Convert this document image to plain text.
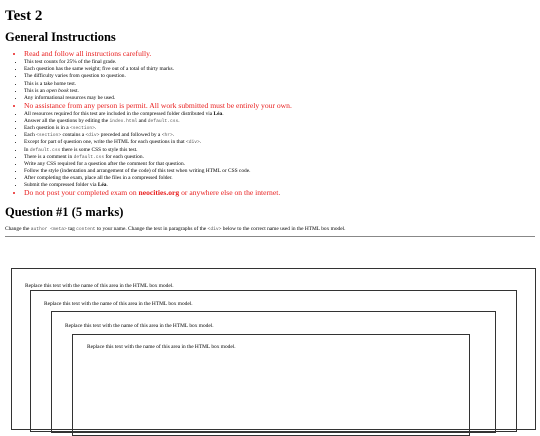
Test 2
General Instructions
• Read and follow all instructions carefully.
• This test counts for 25% of the final grade.
• Each question has the same weight; five out of a total of thirty marks.
• The difficulty varies from question to question.
• This is a take home test.
• This is an open book test.
• Any informational resources may be used.
• No assistance from any person is permit. All work submitted must be entirely your own.
• All resources required for this test are included in the compressed folder distributed via Léa.
• Answer all the questions by editing the index.html and default.css.
• Each question is in a <section>.
• Each <section> contains a <div> preceded and followed by a <hr>.
• Except for part of question one, write the HTML for each questions in that <div>.
• In default.css there is some CSS to style this test.
• There is a comment in default.css for each question.
• Write any CSS required for a question after the comment for that question.
• Follow the style (indentation and arrangement of the code) of this test when writing HTML or CSS code.
• After completing the exam, place all the files in a compressed folder.
• Submit the compressed folder via Léa.
• Do not post your completed exam on neocities.org or anywhere else on the internet.
Question #1 (5 marks)

Change the author <meta> tag content to your name. Change the text in paragraphs of the <div> below to the correct name used in the HTML box model.

Replace this text with the name of this area in the HTML box model.

Replace this text with the name of this area in the HTML box model.

Replace this text with the name of this area in the HTML box model.

Replace this text with the name of this area in the HTML box model.
